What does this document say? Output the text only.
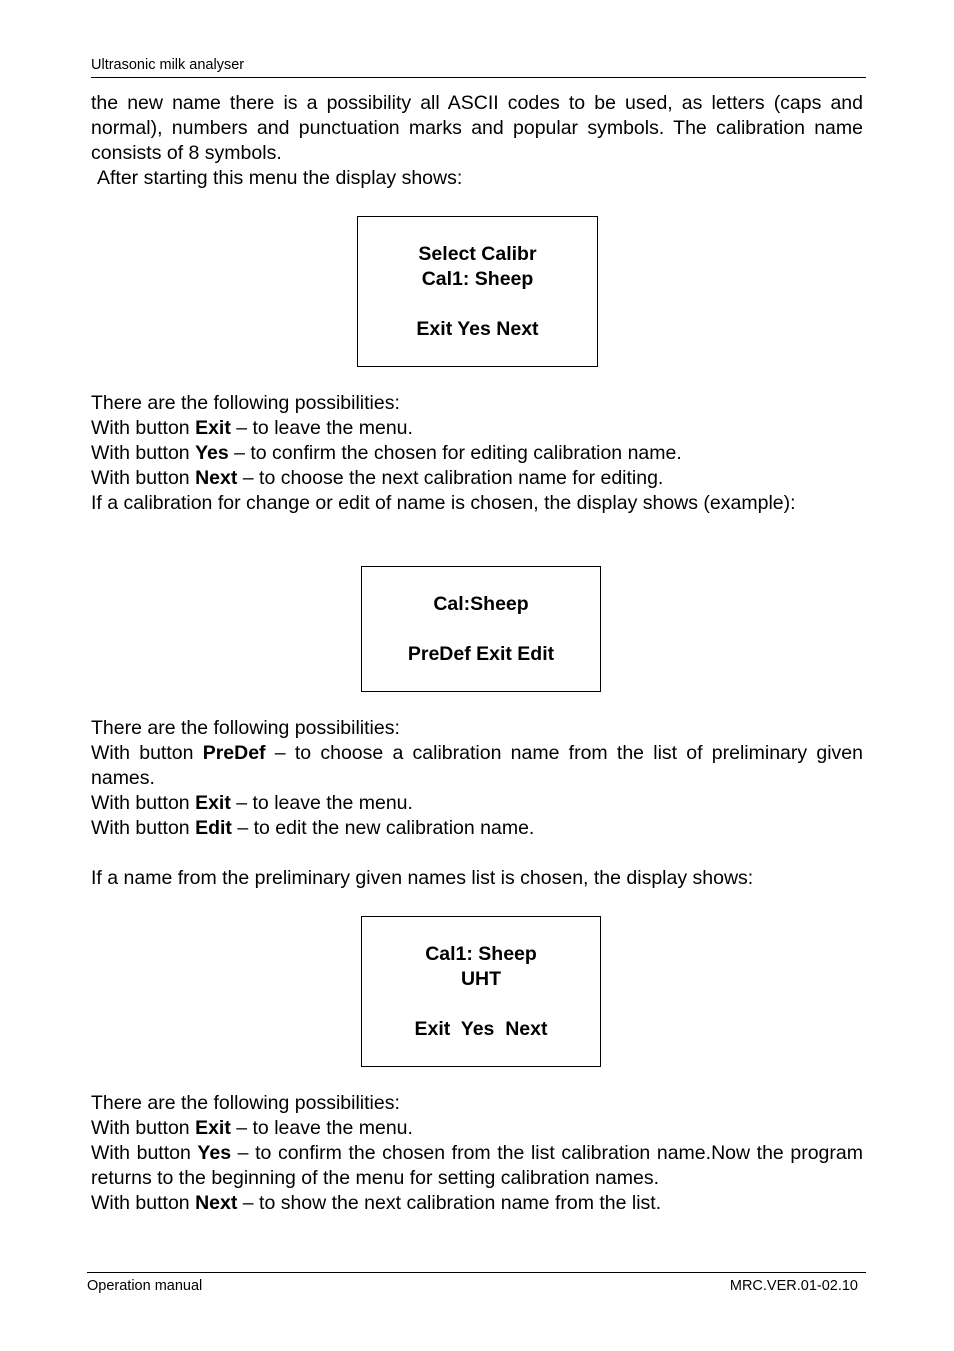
Ultrasonic milk analyser

the new name there is a possibility all ASCII codes to be used, as letters (caps and normal), numbers and punctuation marks and popular symbols. The calibration name consists of 8 symbols.

After starting this menu the display shows:

Select Calibr
Cal1: Sheep
Exit Yes Next

There are the following possibilities:

With button Exit – to leave the menu.

With button Yes – to confirm the chosen for editing calibration name.

With button Next – to choose the next calibration name for editing.

If a calibration for change or edit of name is chosen, the display shows (example):

Cal:Sheep
PreDef Exit Edit

There are the following possibilities:

With button PreDef – to choose a calibration name from the list of preliminary given names.

With button Exit – to leave the menu.

With button Edit – to edit the new calibration name.

If a name from the preliminary given names list is chosen, the display shows:

Cal1: Sheep
UHT
Exit  Yes  Next

There are the following possibilities:

With button Exit – to leave the menu.

With button Yes – to confirm the chosen from the list calibration name.Now the program returns to the beginning of the menu for setting calibration names.

With button Next – to show the next calibration name from the list.

Operation manual	MRC.VER.01-02.10
